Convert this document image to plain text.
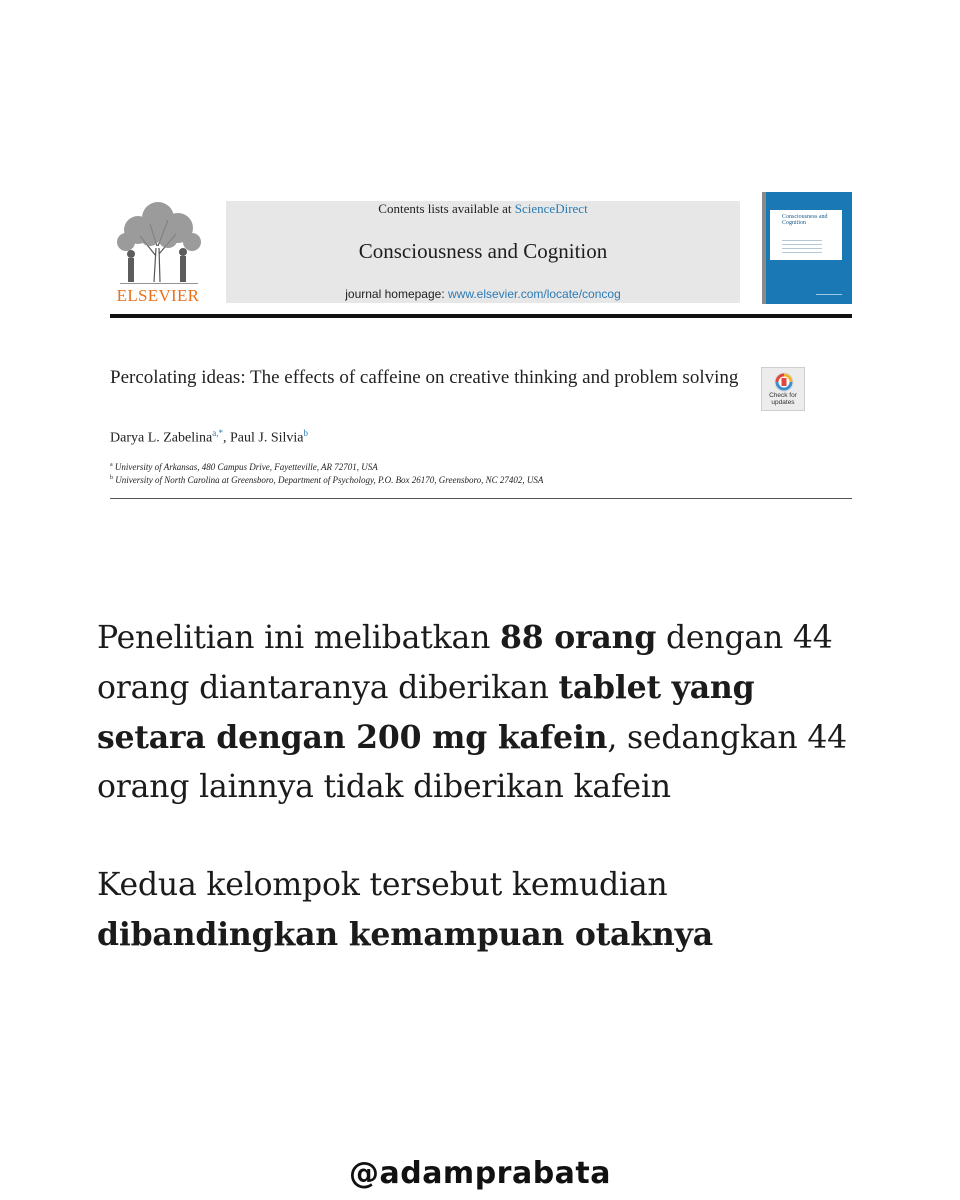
ELSEVIER
Contents lists available at ScienceDirect
Consciousness and Cognition
journal homepage: www.elsevier.com/locate/concog
Consciousness and Cognition
Percolating ideas: The effects of caffeine on creative thinking and problem solving
Check for
updates
Darya L. Zabelina$^{a,*}$, Paul J. Silvia$^b$
$^a$ University of Arkansas, 480 Campus Drive, Fayetteville, AR 72701, USA
$^b$ University of North Carolina at Greensboro, Department of Psychology, P.O. Box 26170, Greensboro, NC 27402, USA

Penelitian ini melibatkan 88 orang dengan 44 orang diantaranya diberikan tablet yang setara dengan 200 mg kafein, sedangkan 44 orang lainnya tidak diberikan kafein

Kedua kelompok tersebut kemudian dibandingkan kemampuan otaknya

@adamprabata
